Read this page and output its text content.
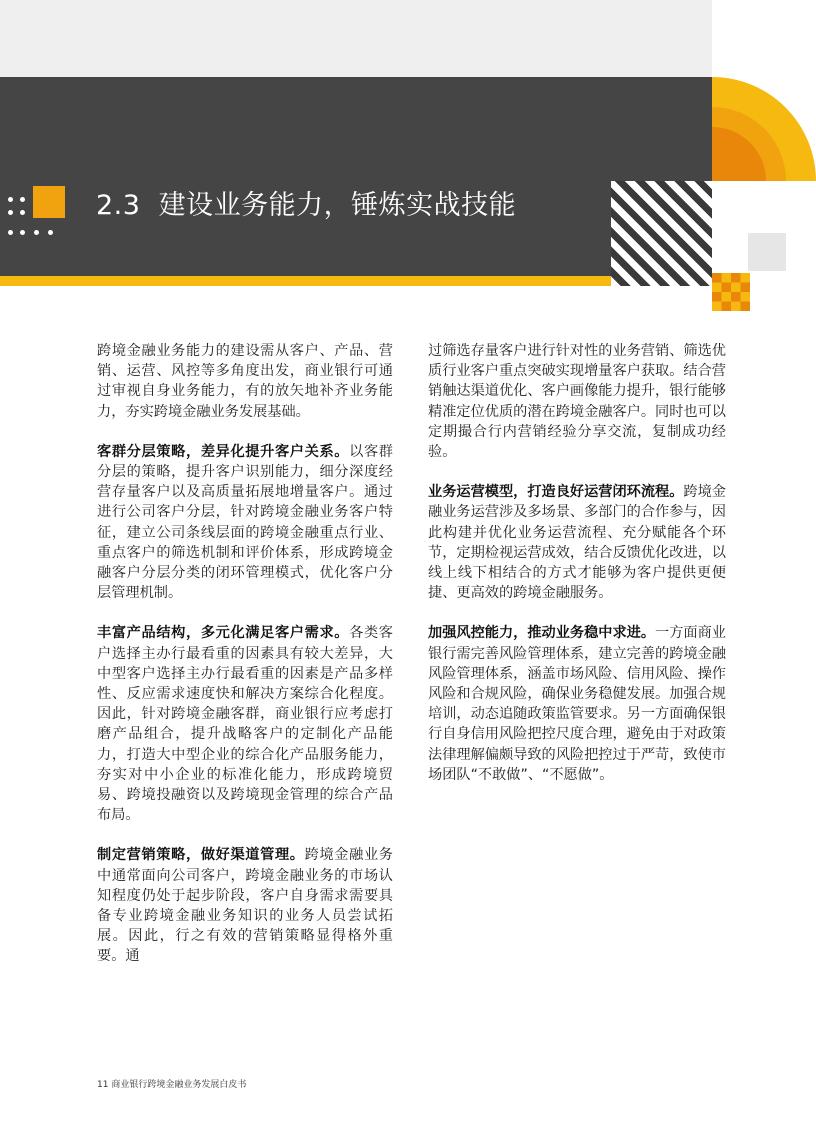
2.3 建设业务能力，锤炼实战技能

跨境金融业务能力的建设需从客户、产品、营销、运营、风控等多角度出发，商业银行可通过审视自身业务能力，有的放矢地补齐业务能力，夯实跨境金融业务发展基础。

客群分层策略，差异化提升客户关系。以客群分层的策略，提升客户识别能力，细分深度经营存量客户以及高质量拓展地增量客户。通过进行公司客户分层，针对跨境金融业务客户特征，建立公司条线层面的跨境金融重点行业、重点客户的筛选机制和评价体系，形成跨境金融客户分层分类的闭环管理模式，优化客户分层管理机制。

丰富产品结构，多元化满足客户需求。各类客户选择主办行最看重的因素具有较大差异，大中型客户选择主办行最看重的因素是产品多样性、反应需求速度快和解决方案综合化程度。因此，针对跨境金融客群，商业银行应考虑打磨产品组合，提升战略客户的定制化产品能力，打造大中型企业的综合化产品服务能力，夯实对中小企业的标准化能力，形成跨境贸易、跨境投融资以及跨境现金管理的综合产品布局。

制定营销策略，做好渠道管理。跨境金融业务中通常面向公司客户，跨境金融业务的市场认知程度仍处于起步阶段，客户自身需求需要具备专业跨境金融业务知识的业务人员尝试拓展。因此，行之有效的营销策略显得格外重要。通

过筛选存量客户进行针对性的业务营销、筛选优质行业客户重点突破实现增量客户获取。结合营销触达渠道优化、客户画像能力提升，银行能够精准定位优质的潜在跨境金融客户。同时也可以定期撮合行内营销经验分享交流，复制成功经验。

业务运营模型，打造良好运营闭环流程。跨境金融业务运营涉及多场景、多部门的合作参与，因此构建并优化业务运营流程、充分赋能各个环节，定期检视运营成效，结合反馈优化改进，以线上线下相结合的方式才能够为客户提供更便捷、更高效的跨境金融服务。

加强风控能力，推动业务稳中求进。一方面商业银行需完善风险管理体系，建立完善的跨境金融风险管理体系，涵盖市场风险、信用风险、操作风险和合规风险，确保业务稳健发展。加强合规培训，动态追随政策监管要求。另一方面确保银行自身信用风险把控尺度合理，避免由于对政策法律理解偏颇导致的风险把控过于严苛，致使市场团队“不敢做”、“不愿做”。

11 商业银行跨境金融业务发展白皮书
